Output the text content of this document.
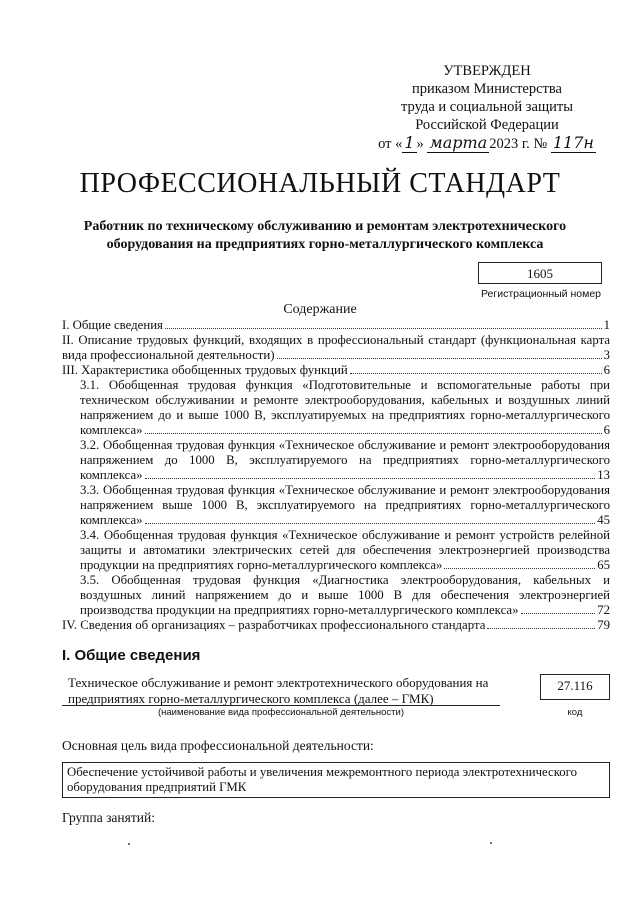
УТВЕРЖДЕН
приказом Министерства
труда и социальной защиты
Российской Федерации
от « 1 » марта 2023 г. № 117н
ПРОФЕССИОНАЛЬНЫЙ СТАНДАРТ
Работник по техническому обслуживанию и ремонтам электротехнического оборудования на предприятиях горно-металлургического комплекса
1605
Регистрационный номер
Содержание
I. Общие сведения	1
II. Описание трудовых функций, входящих в профессиональный стандарт (функциональная карта
вида профессиональной деятельности)	3
III. Характеристика обобщенных трудовых функций	6
3.1. Обобщенная трудовая функция «Подготовительные и вспомогательные работы при
техническом обслуживании и ремонте электрооборудования, кабельных и воздушных линий
напряжением до и выше 1000 В, эксплуатируемых на предприятиях горно-металлургического
комплекса»	6
3.2. Обобщенная трудовая функция «Техническое обслуживание и ремонт электрооборудования
напряжением до 1000 В, эксплуатируемого на предприятиях горно-металлургического
комплекса»	13
3.3. Обобщенная трудовая функция «Техническое обслуживание и ремонт электрооборудования
напряжением выше 1000 В, эксплуатируемого на предприятиях горно-металлургического
комплекса»	45
3.4. Обобщенная трудовая функция «Техническое обслуживание и ремонт устройств релейной
защиты и автоматики электрических сетей для обеспечения электроэнергией производства
продукции на предприятиях горно-металлургического комплекса»	65
3.5. Обобщенная трудовая функция «Диагностика электрооборудования, кабельных и
воздушных линий напряжением до и выше 1000 В для обеспечения электроэнергией
производства продукции на предприятиях горно-металлургического комплекса»	72
IV. Сведения об организациях – разработчиках профессионального стандарта	79
I. Общие сведения
Техническое обслуживание и ремонт электротехнического оборудования на предприятиях горно-металлургического комплекса (далее – ГМК)
(наименование вида профессиональной деятельности)
27.116
код
Основная цель вида профессиональной деятельности:
Обеспечение устойчивой работы и увеличения межремонтного периода электротехнического оборудования предприятий ГМК
Группа занятий:
